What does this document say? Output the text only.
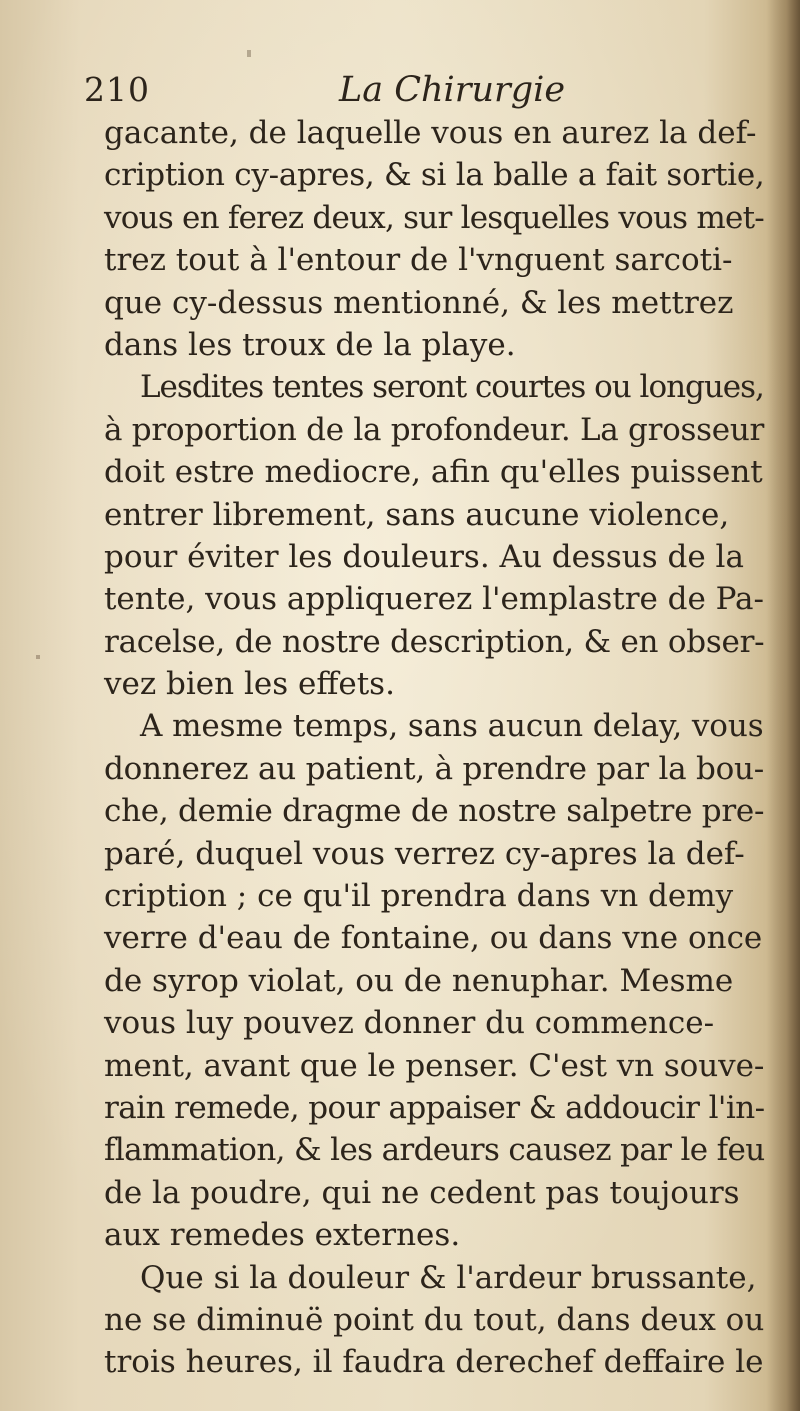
210	La Chirurgie
gacante, de laquelle vous en aurez la def-
cription cy-apres, & si la balle a fait sortie,
vous en ferez deux, sur lesquelles vous met-
trez tout à l'entour de l'vnguent sarcoti-
que cy-dessus mentionné, & les mettrez
dans les troux de la playe.
Lesdites tentes seront courtes ou longues,
à proportion de la profondeur. La grosseur
doit estre mediocre, afin qu'elles puissent
entrer librement, sans aucune violence,
pour éviter les douleurs. Au dessus de la
tente, vous appliquerez l'emplastre de Pa-
racelse, de nostre description, & en obser-
vez bien les effets.
A mesme temps, sans aucun delay, vous
donnerez au patient, à prendre par la bou-
che, demie dragme de nostre salpetre pre-
paré, duquel vous verrez cy-apres la def-
cription ; ce qu'il prendra dans vn demy
verre d'eau de fontaine, ou dans vne once
de syrop violat, ou de nenuphar. Mesme
vous luy pouvez donner du commence-
ment, avant que le penser. C'est vn souve-
rain remede, pour appaiser & addoucir l'in-
flammation, & les ardeurs causez par le feu
de la poudre, qui ne cedent pas toujours
aux remedes externes.
Que si la douleur & l'ardeur brussante,
ne se diminuë point du tout, dans deux ou
trois heures, il faudra derechef deffaire le
